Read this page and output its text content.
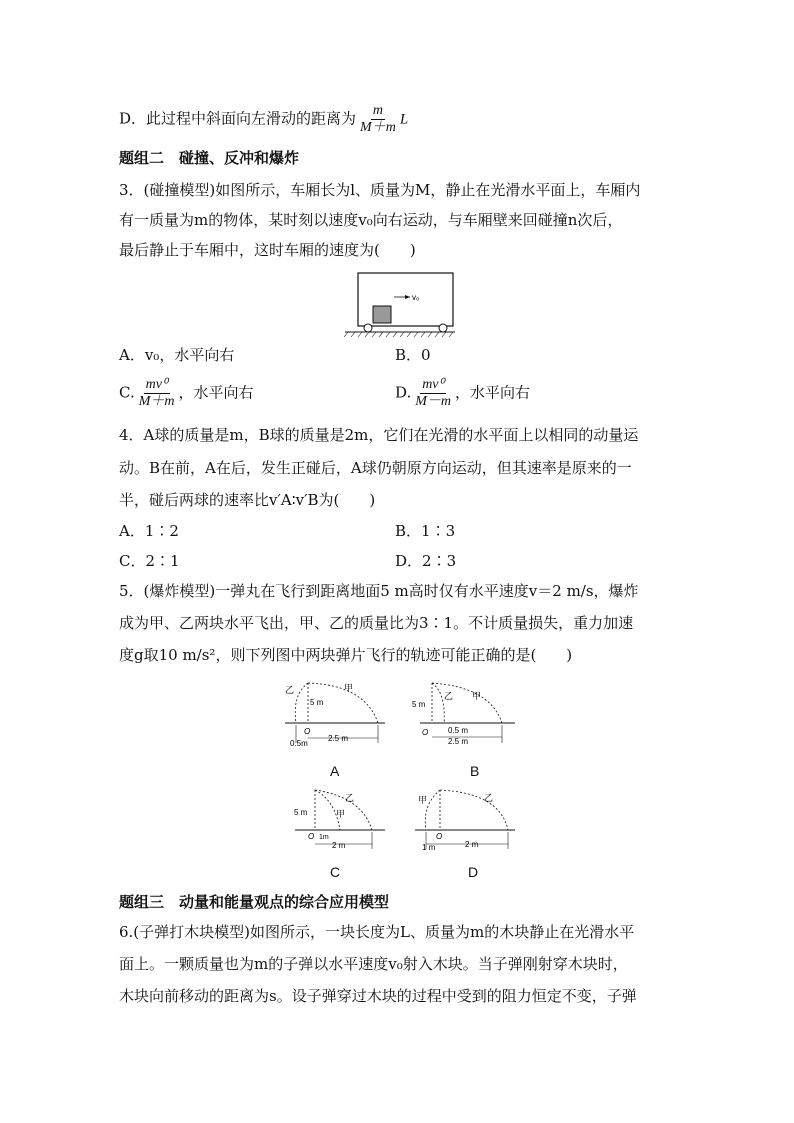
D．此过程中斜面向左滑动的距离为 $\frac{m}{M+m}$ L
题组二　碰撞、反冲和爆炸
3．(碰撞模型)如图所示，车厢长为l、质量为M，静止在光滑水平面上，车厢内
有一质量为m的物体，某时刻以速度v₀向右运动，与车厢壁来回碰撞n次后，
最后静止于车厢中，这时车厢的速度为(　　)
v₀
A．v₀，水平向右	B．0
C. $\frac{\text{mv⁰}}{M+m}$ ，水平向右	D. $\frac{\text{mv⁰}}{M-m}$ ，水平向右
4．A球的质量是m，B球的质量是2m，它们在光滑的水平面上以相同的动量运
动。B在前，A在后，发生正碰后，A球仍朝原方向运动，但其速率是原来的一
半，碰后两球的速率比v′A∶v′B为(　　)
A．1∶2	B．1∶3
C．2∶1	D．2∶3
5．(爆炸模型)一弹丸在飞行到距离地面5 m高时仅有水平速度v＝2 m/s，爆炸
成为甲、乙两块水平飞出，甲、乙的质量比为3∶1。不计质量损失，重力加速
度g取10 m/s²，则下列图中两块弹片飞行的轨迹可能正确的是(　　)
乙	甲
5 m
O
0.5m
2.5 m
A
乙 甲
5 m
O 0.5 m
2.5 m
B
乙
甲
5 m
O 1m
2 m
C
甲	乙
O
1 m	2 m
D
题组三　动量和能量观点的综合应用模型
6.(子弹打木块模型)如图所示，一块长度为L、质量为m的木块静止在光滑水平
面上。一颗质量也为m的子弹以水平速度v₀射入木块。当子弹刚射穿木块时，
木块向前移动的距离为s。设子弹穿过木块的过程中受到的阻力恒定不变，子弹
